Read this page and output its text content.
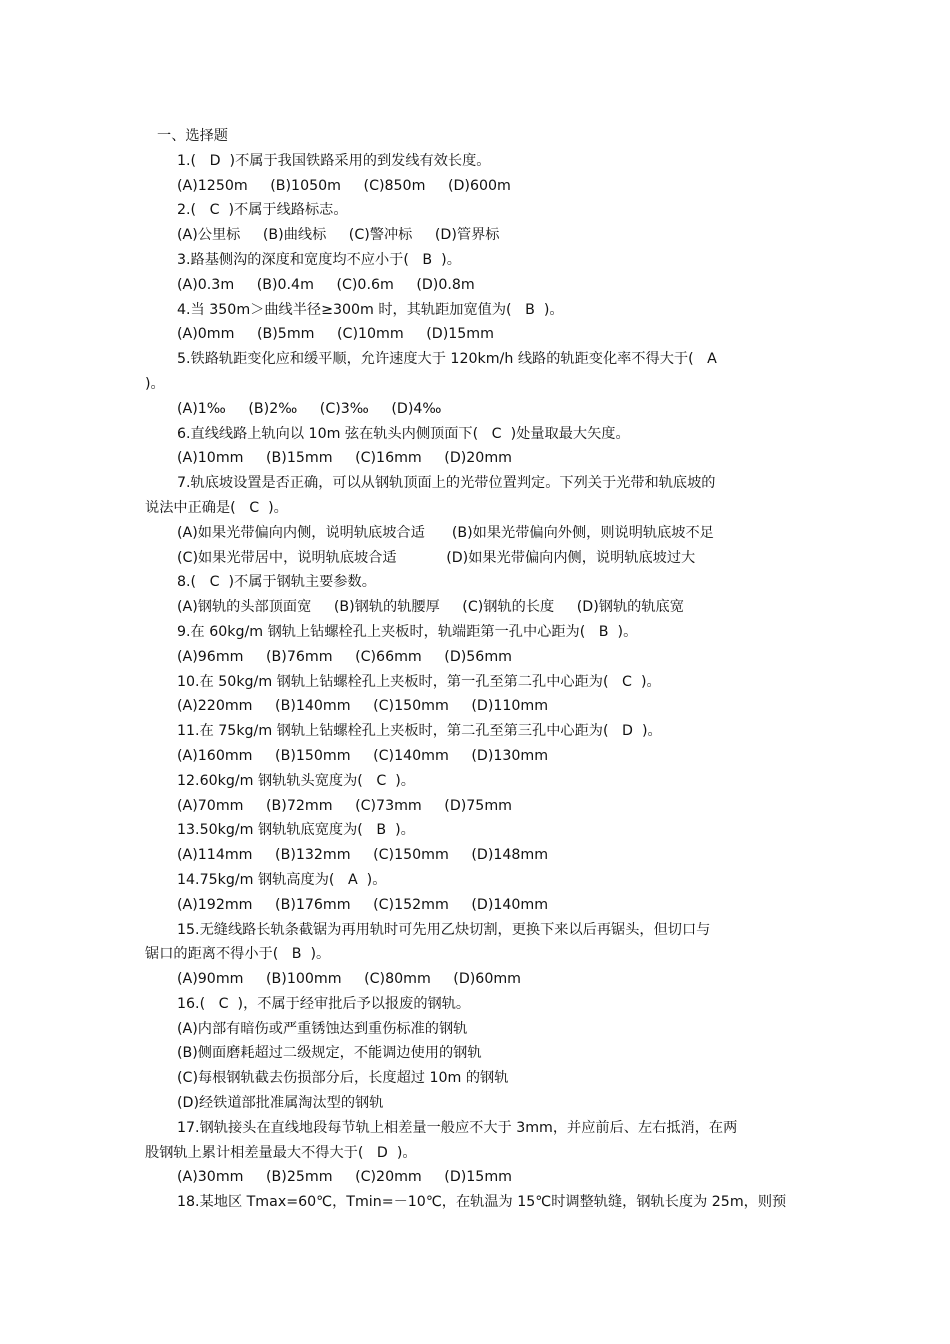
一、选择题
1.(   D  )不属于我国铁路采用的到发线有效长度。
(A)1250m     (B)1050m     (C)850m     (D)600m
2.(   C  )不属于线路标志。
(A)公里标     (B)曲线标     (C)警冲标     (D)管界标
3.路基侧沟的深度和宽度均不应小于(   B  )。
(A)0.3m     (B)0.4m     (C)0.6m     (D)0.8m
4.当 350m＞曲线半径≥300m 时，其轨距加宽值为(   B  )。
(A)0mm     (B)5mm     (C)10mm     (D)15mm
5.铁路轨距变化应和缓平顺，允许速度大于 120km/h 线路的轨距变化率不得大于(   A
)。
(A)1‰     (B)2‰     (C)3‰     (D)4‰
6.直线线路上轨向以 10m 弦在轨头内侧顶面下(   C  )处量取最大矢度。
(A)10mm     (B)15mm     (C)16mm     (D)20mm
7.轨底坡设置是否正确，可以从钢轨顶面上的光带位置判定。下列关于光带和轨底坡的
说法中正确是(   C  )。
(A)如果光带偏向内侧，说明轨底坡合适      (B)如果光带偏向外侧，则说明轨底坡不足
(C)如果光带居中，说明轨底坡合适           (D)如果光带偏向内侧，说明轨底坡过大
8.(   C  )不属于钢轨主要参数。
(A)钢轨的头部顶面宽     (B)钢轨的轨腰厚     (C)钢轨的长度     (D)钢轨的轨底宽
9.在 60kg/m 钢轨上钻螺栓孔上夹板时，轨端距第一孔中心距为(   B  )。
(A)96mm     (B)76mm     (C)66mm     (D)56mm
10.在 50kg/m 钢轨上钻螺栓孔上夹板时，第一孔至第二孔中心距为(   C  )。
(A)220mm     (B)140mm     (C)150mm     (D)110mm
11.在 75kg/m 钢轨上钻螺栓孔上夹板时，第二孔至第三孔中心距为(   D  )。
(A)160mm     (B)150mm     (C)140mm     (D)130mm
12.60kg/m 钢轨轨头宽度为(   C  )。
(A)70mm     (B)72mm     (C)73mm     (D)75mm
13.50kg/m 钢轨轨底宽度为(   B  )。
(A)114mm     (B)132mm     (C)150mm     (D)148mm
14.75kg/m 钢轨高度为(   A  )。
(A)192mm     (B)176mm     (C)152mm     (D)140mm
15.无缝线路长轨条截锯为再用轨时可先用乙炔切割，更换下来以后再锯头，但切口与
锯口的距离不得小于(   B  )。
(A)90mm     (B)100mm     (C)80mm     (D)60mm
16.(   C  )，不属于经审批后予以报废的钢轨。
(A)内部有暗伤或严重锈蚀达到重伤标准的钢轨
(B)侧面磨耗超过二级规定，不能调边使用的钢轨
(C)每根钢轨截去伤损部分后，长度超过 10m 的钢轨
(D)经铁道部批准属淘汰型的钢轨
17.钢轨接头在直线地段每节轨上相差量一般应不大于 3mm，并应前后、左右抵消，在两
股钢轨上累计相差量最大不得大于(   D  )。
(A)30mm     (B)25mm     (C)20mm     (D)15mm
18.某地区 Tmax=60℃，Tmin=－10℃，在轨温为 15℃时调整轨缝，钢轨长度为 25m，则预
